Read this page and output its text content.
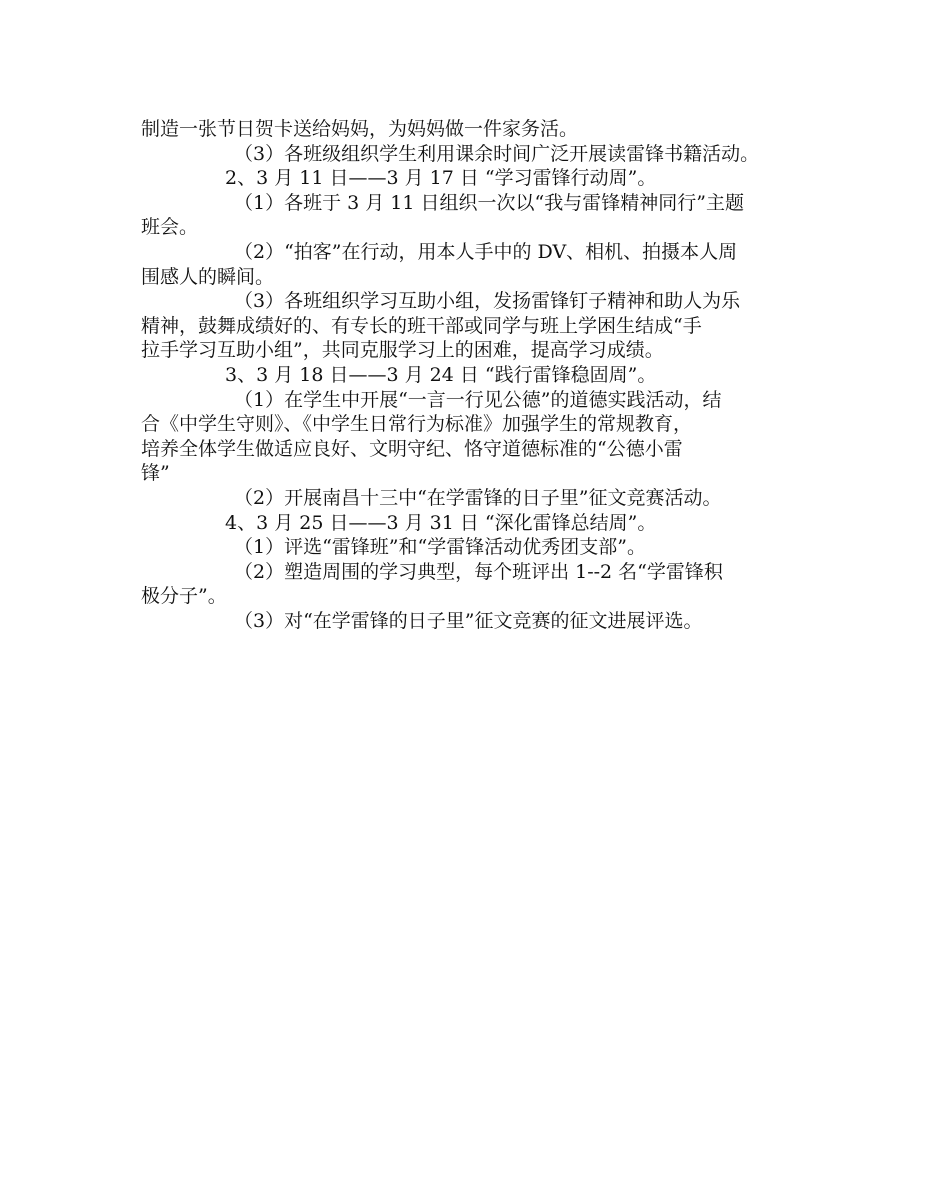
制造一张节日贺卡送给妈妈，为妈妈做一件家务活。
（3）各班级组织学生利用课余时间广泛开展读雷锋书籍活动。
2、3 月 11 日——3 月 17 日 “学习雷锋行动周”。
（1）各班于 3 月 11 日组织一次以“我与雷锋精神同行”主题
班会。
（2）“拍客”在行动，用本人手中的 DV、相机、拍摄本人周
围感人的瞬间。
（3）各班组织学习互助小组，发扬雷锋钉子精神和助人为乐
精神，鼓舞成绩好的、有专长的班干部或同学与班上学困生结成“手
拉手学习互助小组”，共同克服学习上的困难，提高学习成绩。
3、3 月 18 日——3 月 24 日 “践行雷锋稳固周”。
（1）在学生中开展“一言一行见公德”的道德实践活动，结
合《中学生守则》、《中学生日常行为标准》加强学生的常规教育，
培养全体学生做适应良好、文明守纪、恪守道德标准的“公德小雷
锋”
（2）开展南昌十三中“在学雷锋的日子里”征文竞赛活动。
4、3 月 25 日——3 月 31 日 “深化雷锋总结周”。
（1）评选“雷锋班”和“学雷锋活动优秀团支部”。
（2）塑造周围的学习典型，每个班评出 1--2 名“学雷锋积
极分子”。
（3）对“在学雷锋的日子里”征文竞赛的征文进展评选。
